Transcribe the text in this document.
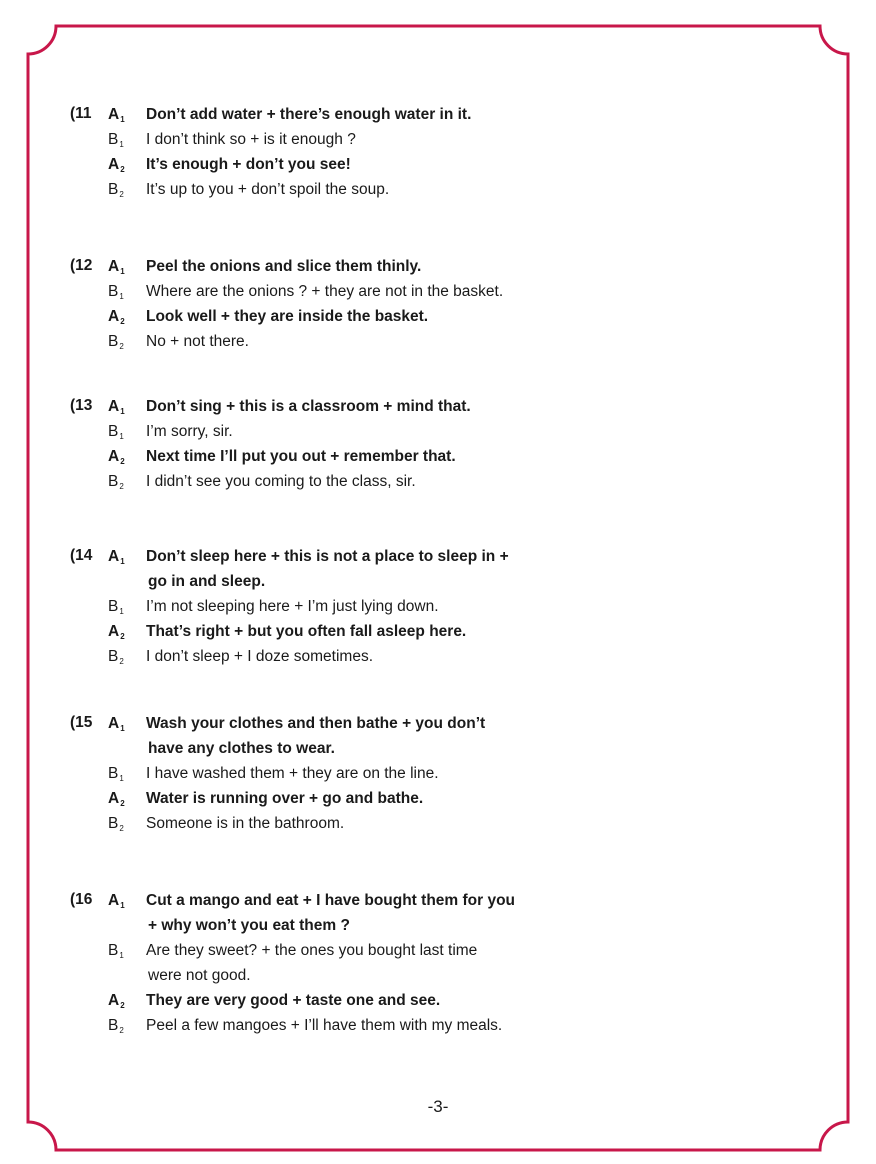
(11 $A_1$ Don’t add water + there’s enough water in it.
$B_1$ I don’t think so + is it enough ?
$A_2$ It’s enough + don’t you see!
$B_2$ It’s up to you + don’t spoil the soup.
(12 $A_1$ Peel the onions and slice them thinly.
$B_1$ Where are the onions ? + they are not in the basket.
$A_2$ Look well + they are inside the basket.
$B_2$ No + not there.
(13 $A_1$ Don’t sing + this is a classroom + mind that.
$B_1$ I’m sorry, sir.
$A_2$ Next time I’ll put you out + remember that.
$B_2$ I didn’t see you coming to the class, sir.
(14 $A_1$ Don’t sleep here + this is not a place to sleep in +
go in and sleep.
$B_1$ I’m not sleeping here + I’m just lying down.
$A_2$ That’s right + but you often fall asleep here.
$B_2$ I don’t sleep + I doze sometimes.
(15 $A_1$ Wash your clothes and then bathe + you don’t
have any clothes to wear.
$B_1$ I have washed them + they are on the line.
$A_2$ Water is running over + go and bathe.
$B_2$ Someone is in the bathroom.
(16 $A_1$ Cut a mango and eat + I have bought them for you
+ why won’t you eat them ?
$B_1$ Are they sweet? + the ones you bought last time
were not good.
$A_2$ They are very good + taste one and see.
$B_2$ Peel a few mangoes + I’ll have them with my meals.
-3-
